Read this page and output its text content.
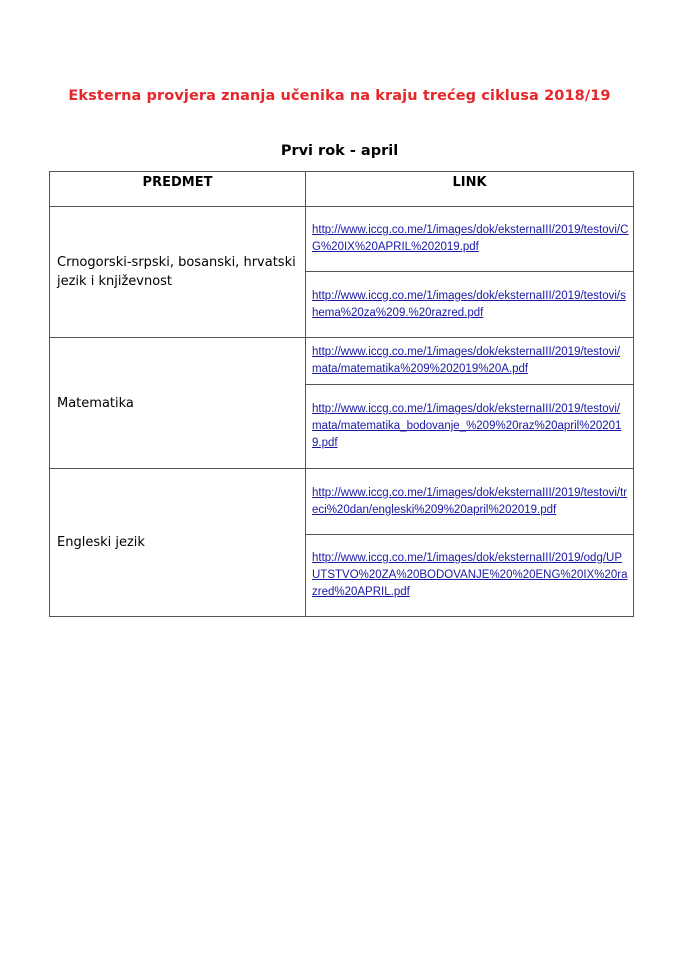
Eksterna provjera znanja učenika na kraju trećeg ciklusa 2018/19
Prvi rok - april
PREDMET	LINK
Crnogorski-srpski, bosanski, hrvatski jezik i književnost	http://www.iccg.co.me/1/images/dok/eksternaIII/2019/testovi/CG%20IX%20APRIL%202019.pdf
	http://www.iccg.co.me/1/images/dok/eksternaIII/2019/testovi/shema%20za%209.%20razred.pdf
Matematika	http://www.iccg.co.me/1/images/dok/eksternaIII/2019/testovi/mata/matematika%209%202019%20A.pdf
	http://www.iccg.co.me/1/images/dok/eksternaIII/2019/testovi/mata/matematika_bodovanje_%209%20raz%20april%202019.pdf
Engleski jezik	http://www.iccg.co.me/1/images/dok/eksternaIII/2019/testovi/treci%20dan/engleski%209%20april%202019.pdf
	http://www.iccg.co.me/1/images/dok/eksternaIII/2019/odg/UPUTSTVO%20ZA%20BODOVANJE%20%20ENG%20IX%20razred%20APRIL.pdf
